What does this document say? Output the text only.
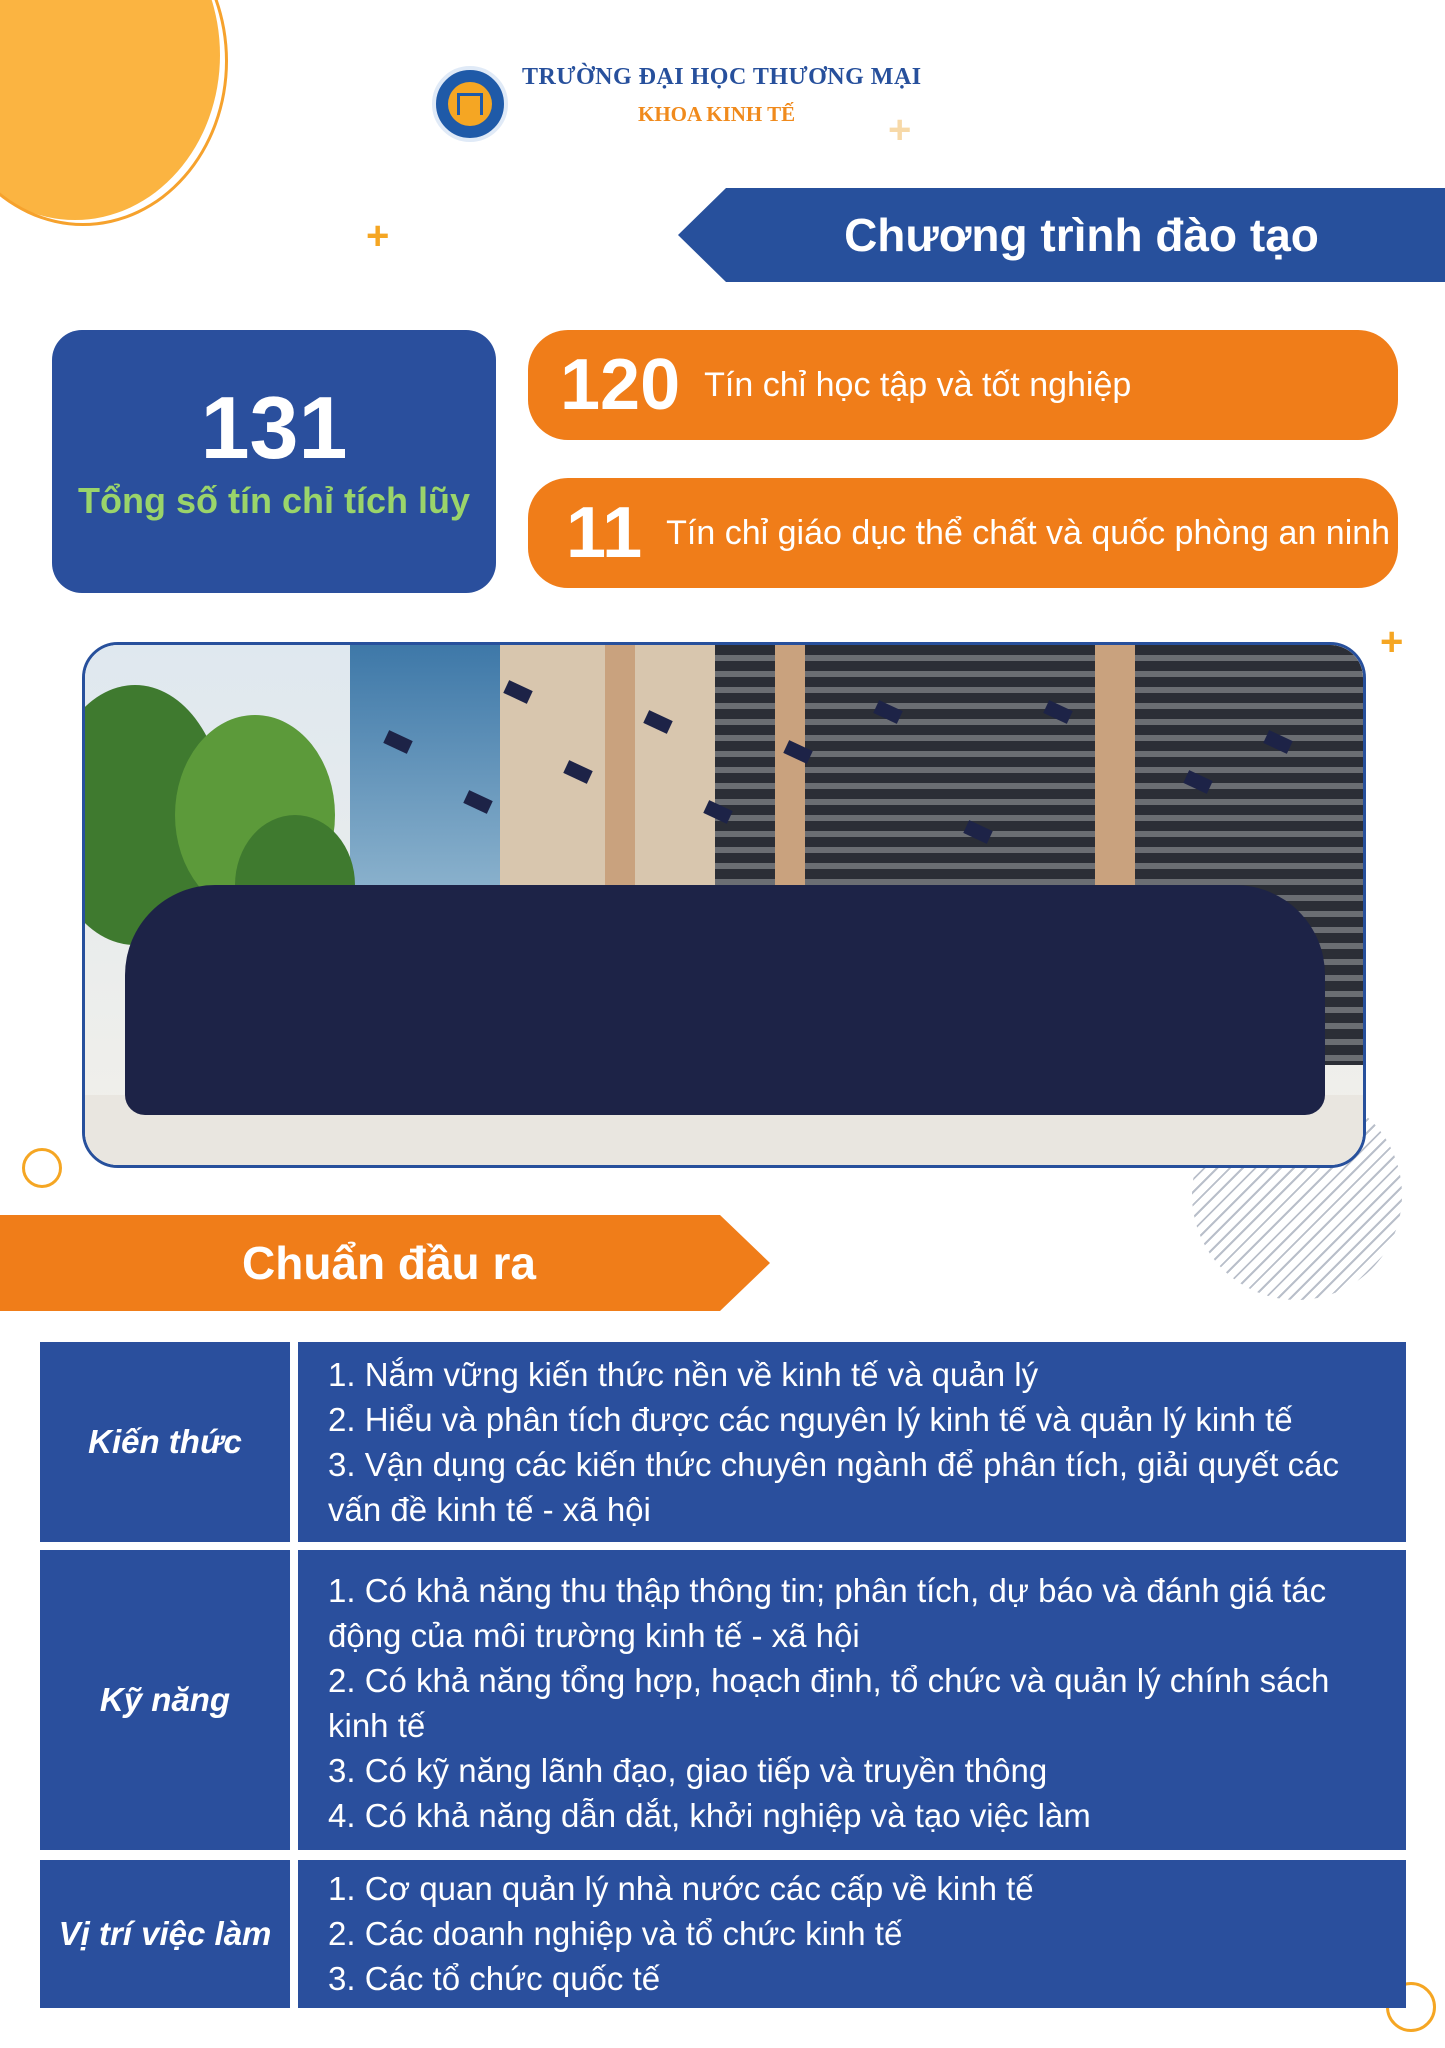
+
+
+
TRƯỜNG ĐẠI HỌC THƯƠNG MẠI
KHOA KINH TẾ
Chương trình đào tạo
131
Tổng số tín chỉ tích lũy
120 Tín chỉ học tập và tốt nghiệp
11 Tín chỉ giáo dục thể chất và quốc phòng an ninh
Chuẩn đầu ra
Kiến thức
1. Nắm vững kiến thức nền về kinh tế và quản lý
2. Hiểu và phân tích được các nguyên lý kinh tế và quản lý kinh tế
3. Vận dụng các kiến thức chuyên ngành để phân tích, giải quyết các
vấn đề kinh tế - xã hội
Kỹ năng
1. Có khả năng thu thập thông tin; phân tích, dự báo và đánh giá tác
động của môi trường kinh tế - xã hội
2. Có khả năng tổng hợp, hoạch định, tổ chức và quản lý chính sách
kinh tế
3. Có kỹ năng lãnh đạo, giao tiếp và truyền thông
4. Có khả năng dẫn dắt, khởi nghiệp và tạo việc làm
Vị trí việc làm
1. Cơ quan quản lý nhà nước các cấp về kinh tế
2. Các doanh nghiệp và tổ chức kinh tế
3. Các tổ chức quốc tế
